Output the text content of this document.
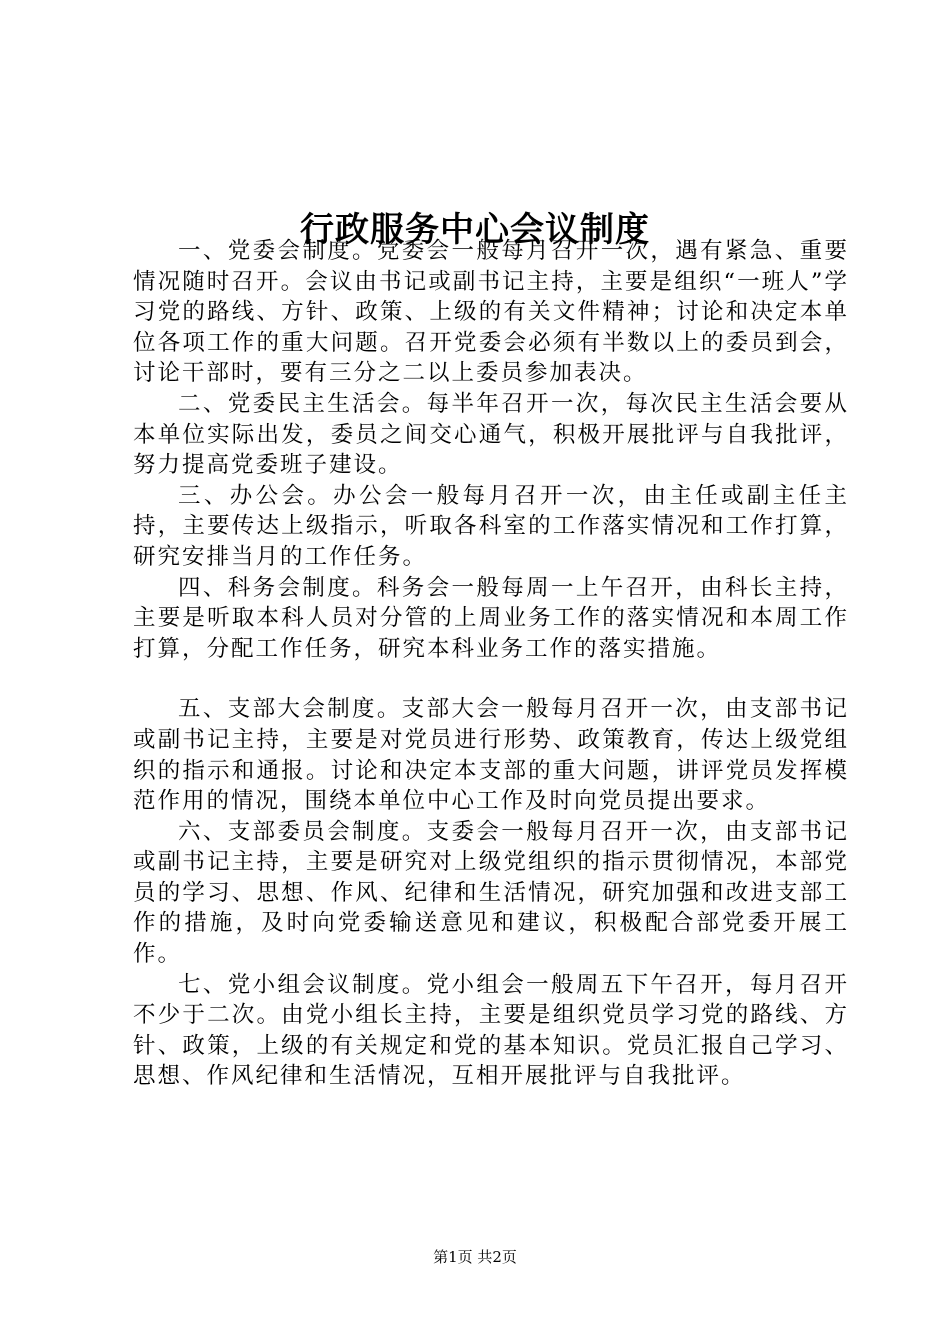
行政服务中心会议制度

一、党委会制度。党委会一般每月召开一次，遇有紧急、重要情况随时召开。会议由书记或副书记主持，主要是组织“一班人”学习党的路线、方针、政策、上级的有关文件精神；讨论和决定本单位各项工作的重大问题。召开党委会必须有半数以上的委员到会，讨论干部时，要有三分之二以上委员参加表决。

二、党委民主生活会。每半年召开一次，每次民主生活会要从本单位实际出发，委员之间交心通气，积极开展批评与自我批评，努力提高党委班子建设。

三、办公会。办公会一般每月召开一次，由主任或副主任主持，主要传达上级指示，听取各科室的工作落实情况和工作打算，研究安排当月的工作任务。

四、科务会制度。科务会一般每周一上午召开，由科长主持，主要是听取本科人员对分管的上周业务工作的落实情况和本周工作打算，分配工作任务，研究本科业务工作的落实措施。

五、支部大会制度。支部大会一般每月召开一次，由支部书记或副书记主持，主要是对党员进行形势、政策教育，传达上级党组织的指示和通报。讨论和决定本支部的重大问题，讲评党员发挥模范作用的情况，围绕本单位中心工作及时向党员提出要求。

六、支部委员会制度。支委会一般每月召开一次，由支部书记或副书记主持，主要是研究对上级党组织的指示贯彻情况，本部党员的学习、思想、作风、纪律和生活情况，研究加强和改进支部工作的措施，及时向党委输送意见和建议，积极配合部党委开展工作。

七、党小组会议制度。党小组会一般周五下午召开，每月召开不少于二次。由党小组长主持，主要是组织党员学习党的路线、方针、政策，上级的有关规定和党的基本知识。党员汇报自己学习、思想、作风纪律和生活情况，互相开展批评与自我批评。

第1页 共2页
